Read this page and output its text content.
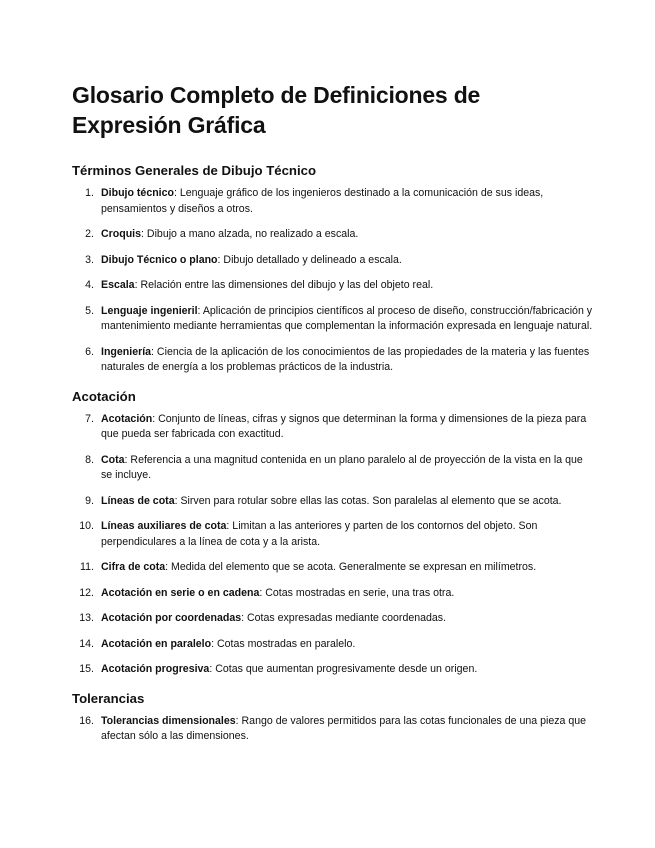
Glosario Completo de Definiciones de Expresión Gráfica
Términos Generales de Dibujo Técnico
1. Dibujo técnico: Lenguaje gráfico de los ingenieros destinado a la comunicación de sus ideas, pensamientos y diseños a otros.
2. Croquis: Dibujo a mano alzada, no realizado a escala.
3. Dibujo Técnico o plano: Dibujo detallado y delineado a escala.
4. Escala: Relación entre las dimensiones del dibujo y las del objeto real.
5. Lenguaje ingenieril: Aplicación de principios científicos al proceso de diseño, construcción/fabricación y mantenimiento mediante herramientas que complementan la información expresada en lenguaje natural.
6. Ingeniería: Ciencia de la aplicación de los conocimientos de las propiedades de la materia y las fuentes naturales de energía a los problemas prácticos de la industria.
Acotación
7. Acotación: Conjunto de líneas, cifras y signos que determinan la forma y dimensiones de la pieza para que pueda ser fabricada con exactitud.
8. Cota: Referencia a una magnitud contenida en un plano paralelo al de proyección de la vista en la que se incluye.
9. Líneas de cota: Sirven para rotular sobre ellas las cotas. Son paralelas al elemento que se acota.
10. Líneas auxiliares de cota: Limitan a las anteriores y parten de los contornos del objeto. Son perpendiculares a la línea de cota y a la arista.
11. Cifra de cota: Medida del elemento que se acota. Generalmente se expresan en milímetros.
12. Acotación en serie o en cadena: Cotas mostradas en serie, una tras otra.
13. Acotación por coordenadas: Cotas expresadas mediante coordenadas.
14. Acotación en paralelo: Cotas mostradas en paralelo.
15. Acotación progresiva: Cotas que aumentan progresivamente desde un origen.
Tolerancias
16. Tolerancias dimensionales: Rango de valores permitidos para las cotas funcionales de una pieza que afectan sólo a las dimensiones.
